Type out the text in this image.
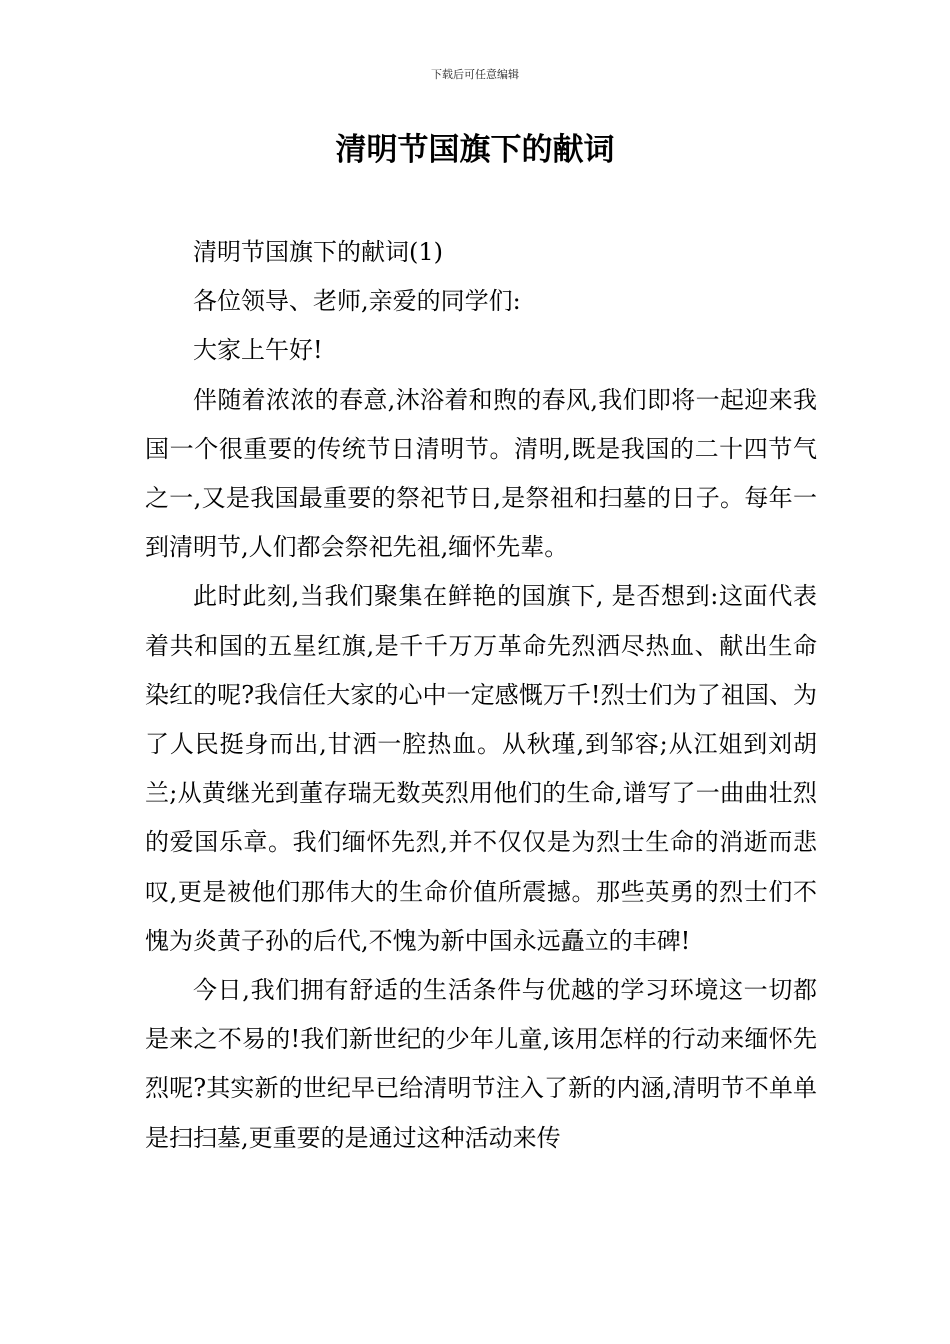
下载后可任意编辑
清明节国旗下的献词

清明节国旗下的献词(1)

各位领导、老师,亲爱的同学们:

大家上午好!

伴随着浓浓的春意,沐浴着和煦的春风,我们即将一起迎来我国一个很重要的传统节日清明节。清明,既是我国的二十四节气之一,又是我国最重要的祭祀节日,是祭祖和扫墓的日子。每年一到清明节,人们都会祭祀先祖,缅怀先辈。

此时此刻,当我们聚集在鲜艳的国旗下, 是否想到:这面代表着共和国的五星红旗,是千千万万革命先烈洒尽热血、献出生命染红的呢?我信任大家的心中一定感慨万千!烈士们为了祖国、为了人民挺身而出,甘洒一腔热血。从秋瑾,到邹容;从江姐到刘胡兰;从黄继光到董存瑞无数英烈用他们的生命,谱写了一曲曲壮烈的爱国乐章。我们缅怀先烈,并不仅仅是为烈士生命的消逝而悲叹,更是被他们那伟大的生命价值所震撼。那些英勇的烈士们不愧为炎黄子孙的后代,不愧为新中国永远矗立的丰碑!

今日,我们拥有舒适的生活条件与优越的学习环境这一切都是来之不易的!我们新世纪的少年儿童,该用怎样的行动来缅怀先烈呢?其实新的世纪早已给清明节注入了新的内涵,清明节不单单是扫扫墓,更重要的是通过这种活动来传
